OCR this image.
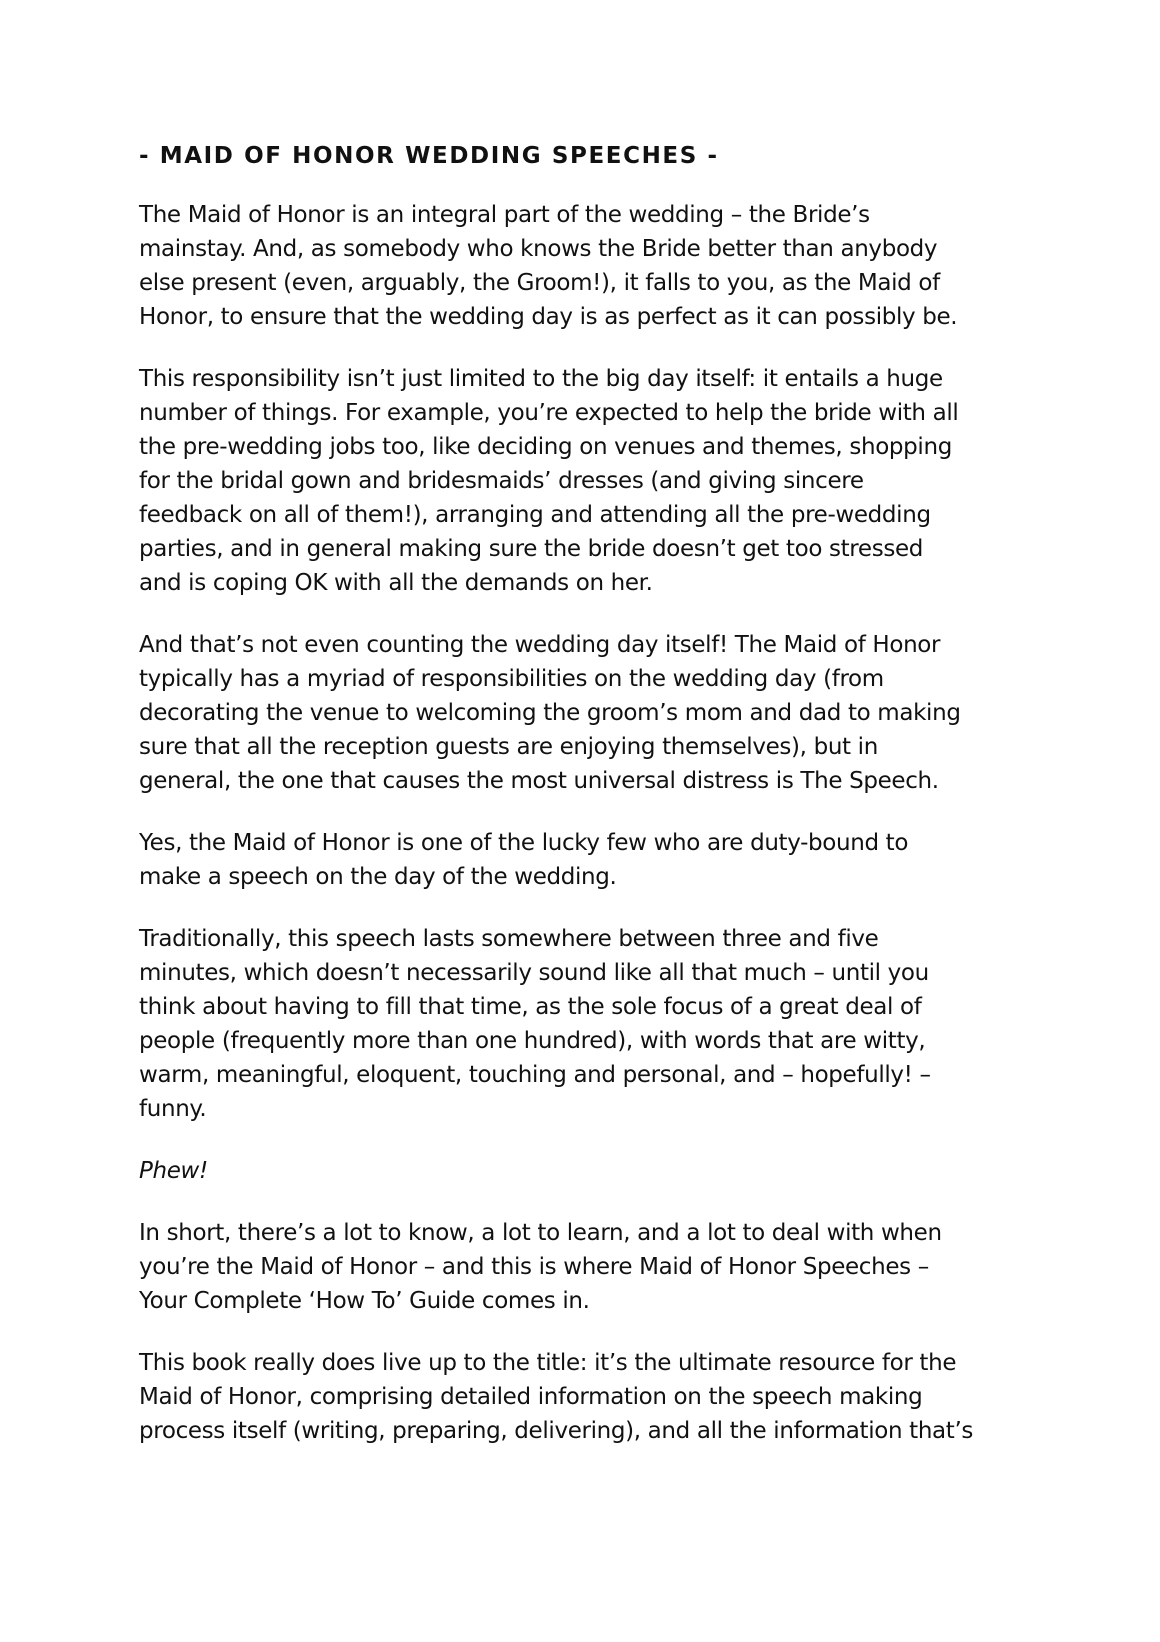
- MAID OF HONOR WEDDING SPEECHES -
The Maid of Honor is an integral part of the wedding – the Bride’s
mainstay. And, as somebody who knows the Bride better than anybody
else present (even, arguably, the Groom!), it falls to you, as the Maid of
Honor, to ensure that the wedding day is as perfect as it can possibly be.
This responsibility isn’t just limited to the big day itself: it entails a huge
number of things. For example, you’re expected to help the bride with all
the pre-wedding jobs too, like deciding on venues and themes, shopping
for the bridal gown and bridesmaids’ dresses (and giving sincere
feedback on all of them!), arranging and attending all the pre-wedding
parties, and in general making sure the bride doesn’t get too stressed
and is coping OK with all the demands on her.
And that’s not even counting the wedding day itself! The Maid of Honor
typically has a myriad of responsibilities on the wedding day (from
decorating the venue to welcoming the groom’s mom and dad to making
sure that all the reception guests are enjoying themselves), but in
general, the one that causes the most universal distress is The Speech.
Yes, the Maid of Honor is one of the lucky few who are duty-bound to
make a speech on the day of the wedding.
Traditionally, this speech lasts somewhere between three and five
minutes, which doesn’t necessarily sound like all that much – until you
think about having to fill that time, as the sole focus of a great deal of
people (frequently more than one hundred), with words that are witty,
warm, meaningful, eloquent, touching and personal, and – hopefully! –
funny.
Phew!
In short, there’s a lot to know, a lot to learn, and a lot to deal with when
you’re the Maid of Honor – and this is where Maid of Honor Speeches –
Your Complete ‘How To’ Guide comes in.
This book really does live up to the title: it’s the ultimate resource for the
Maid of Honor, comprising detailed information on the speech making
process itself (writing, preparing, delivering), and all the information that’s
